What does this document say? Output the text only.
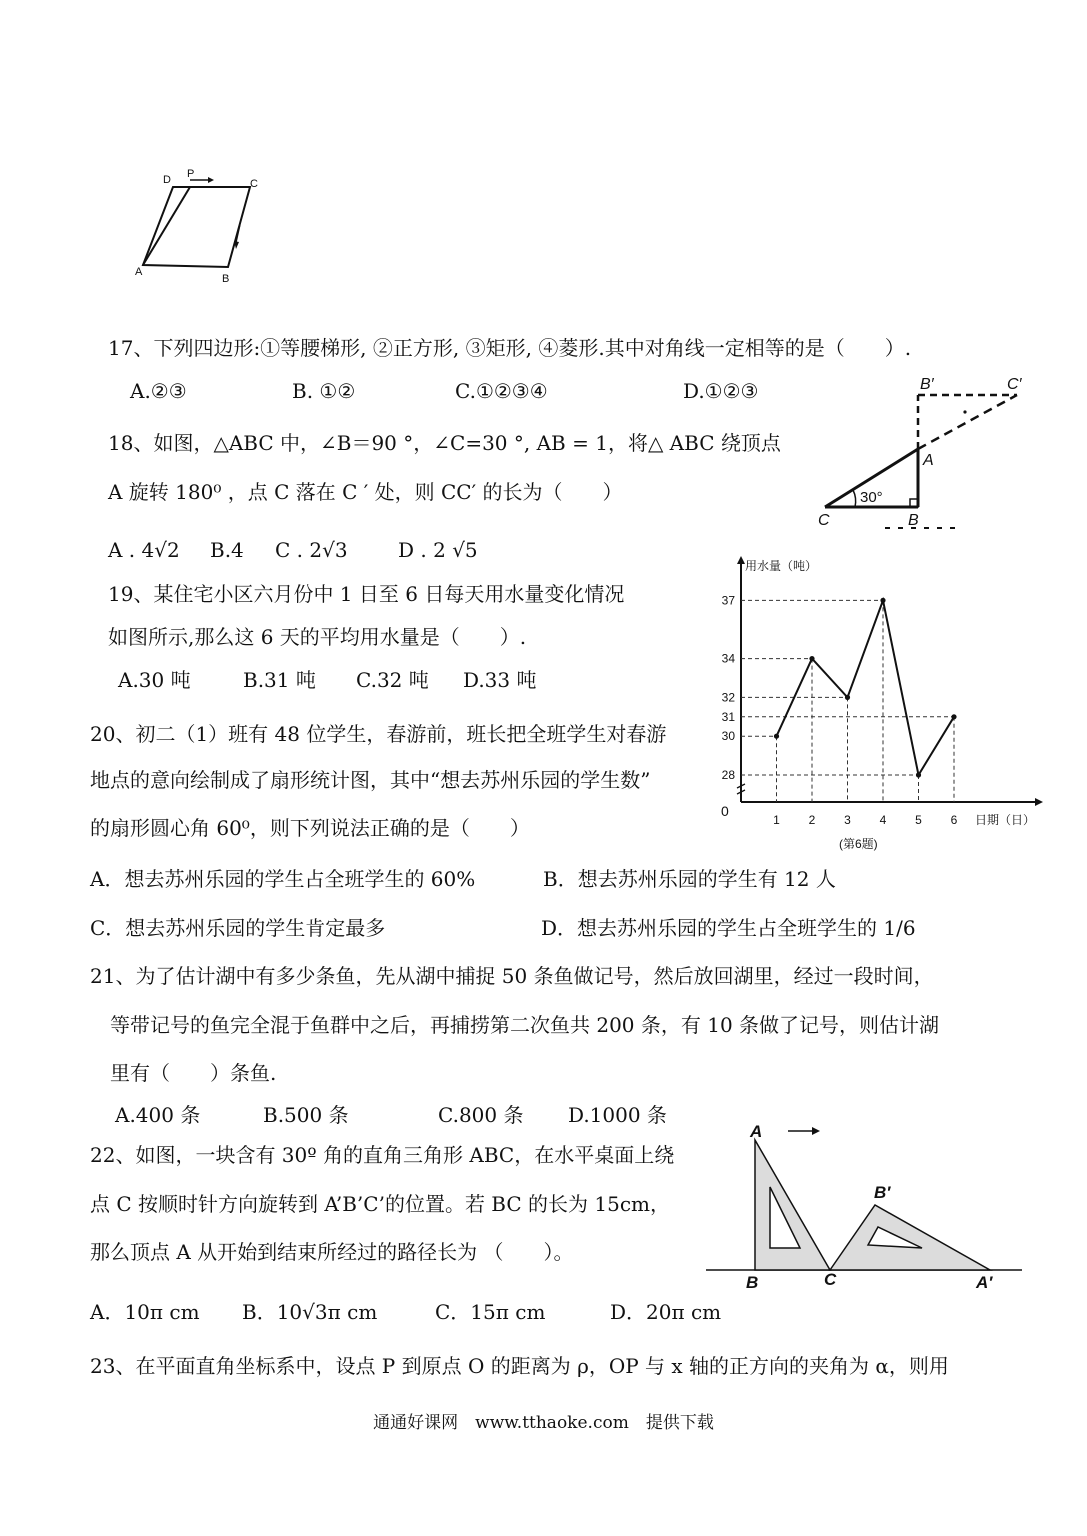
D P
C
A
B
30°
B′	C′
A
C	B
28
30
31
32
34
37
1 2 3 4 5 6
用水量（吨）
日期（日）
0
(第6题)
A
B′
B	C	A′
17、下列四边形:①等腰梯形, ②正方形, ③矩形, ④菱形.其中对角线一定相等的是（　　）.
A.②③	B. ①②	C.①②③④	D.①②③
18、如图，△ABC 中，∠B＝90 °，∠C=30 °, AB = 1，将△ ABC 绕顶点
A 旋转 180⁰ ，点 C 落在 C ′ 处，则 CC′ 的长为（　　）
A . 4√2 B.4 C . 2√3	D . 2 √5
19、某住宅小区六月份中 1 日至 6 日每天用水量变化情况
如图所示,那么这 6 天的平均用水量是（　　）.
A.30 吨	B.31 吨 C.32 吨 D.33 吨
20、初二（1）班有 48 位学生，春游前，班长把全班学生对春游
地点的意向绘制成了扇形统计图，其中“想去苏州乐园的学生数”
的扇形圆心角 60⁰，则下列说法正确的是（　　）
A．想去苏州乐园的学生占全班学生的 60%	B．想去苏州乐园的学生有 12 人
C．想去苏州乐园的学生肯定最多	D．想去苏州乐园的学生占全班学生的 1/6
21、为了估计湖中有多少条鱼，先从湖中捕捉 50 条鱼做记号，然后放回湖里，经过一段时间，
等带记号的鱼完全混于鱼群中之后，再捕捞第二次鱼共 200 条，有 10 条做了记号，则估计湖
里有（　　）条鱼.
A.400 条	B.500 条	C.800 条 D.1000 条
22、如图，一块含有 30º 角的直角三角形 ABC，在水平桌面上绕
点 C 按顺时针方向旋转到 A’B’C’的位置。若 BC 的长为 15cm，
那么顶点 A 从开始到结束所经过的路径长为 （　　）。
A．10π cm B．10√3π cm	C．15π cm	D．20π cm
23、在平面直角坐标系中，设点 P 到原点 O 的距离为 ρ，OP 与 x 轴的正方向的夹角为 α，则用
通通好课网　www.tthaoke.com　提供下载
